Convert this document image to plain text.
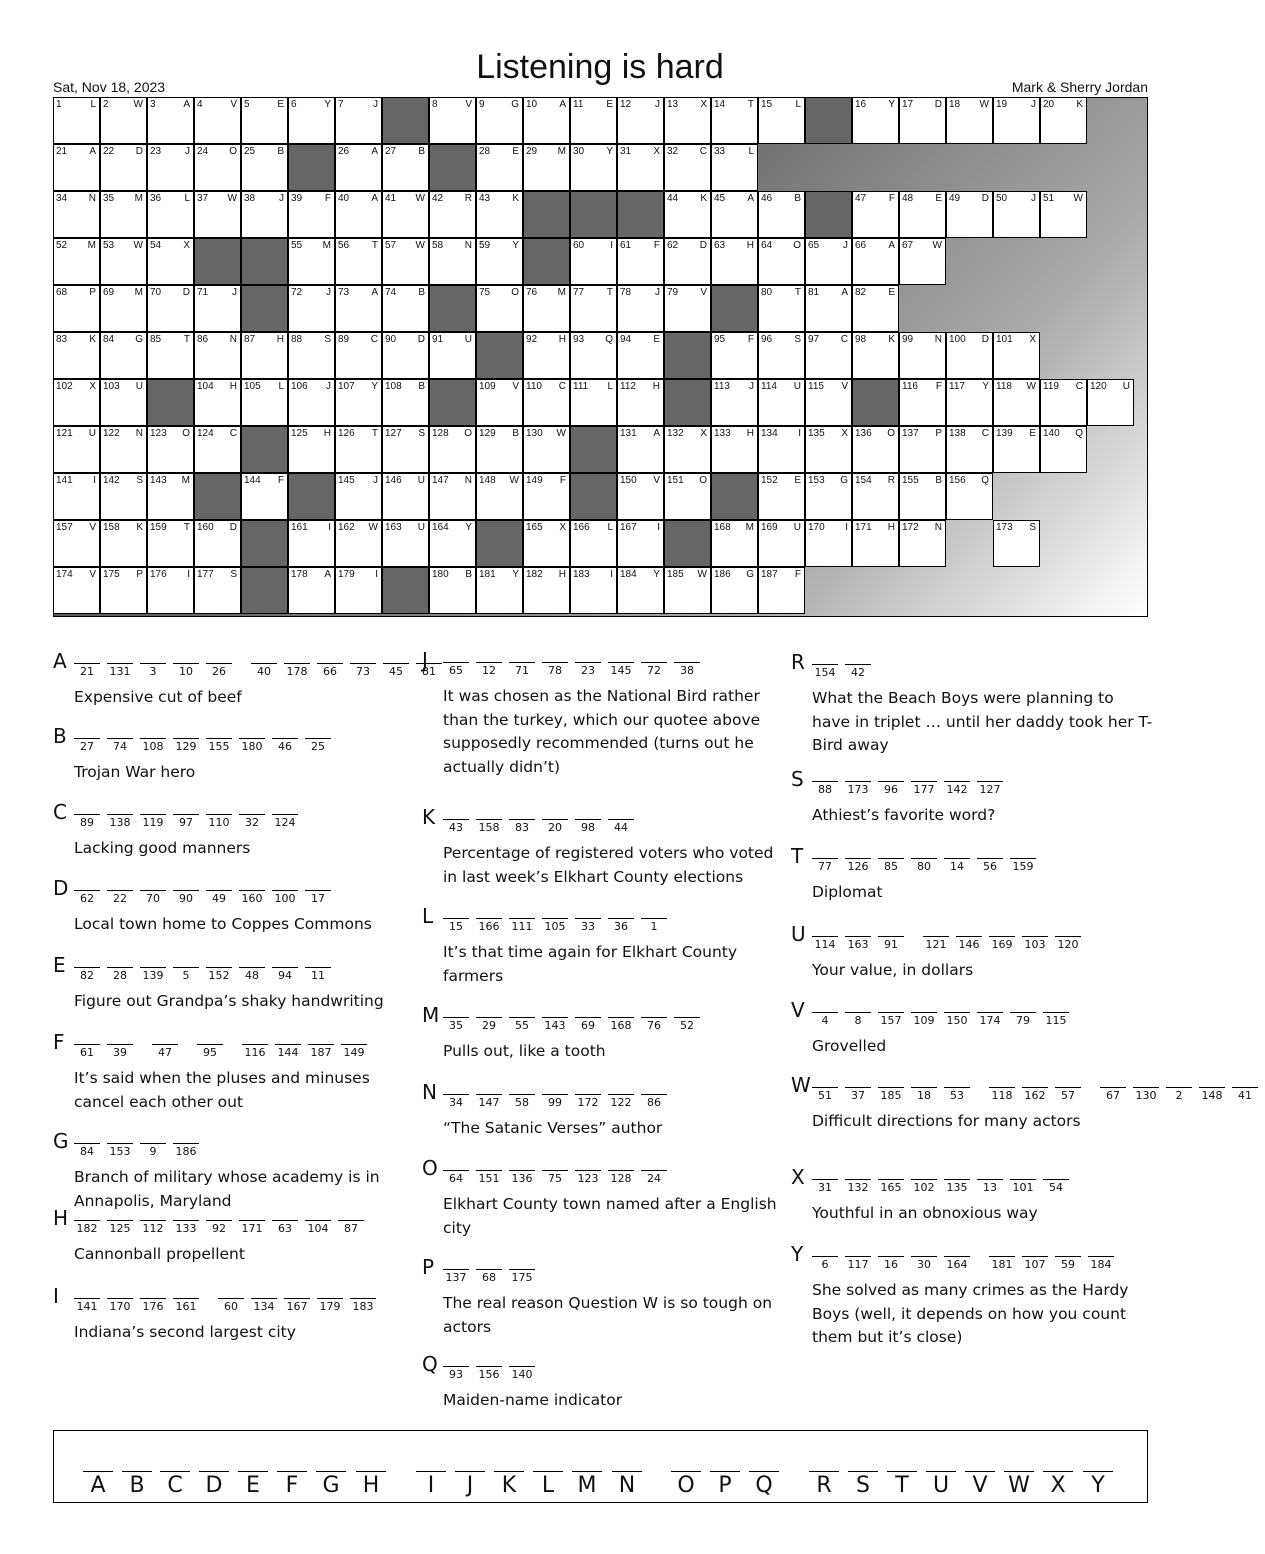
Listening is hard
Sat, Nov 18, 2023	Mark & Sherry Jordan
1	L 2 W 3	A 4	V 5	E 6	Y 7	J	8	V 9	G 10 A 11 E 12 J 13 X 14 T 15 L	16 Y 17 D 18 W 19 J 20 K
21 A 22 D 23 J 24 O 25 B	26 A 27 B	28 E 29 M 30 Y 31 X 32 C 33 L
34 N 35 M 36 L 37 W 38 J 39 F 40 A 41 W 42 R 43 K	44 K 45 A 46 B	47 F 48 E 49 D 50 J 51 W
52 M 53 W 54 X	55 M 56 T 57 W 58 N 59 Y	60	I 61 F 62 D 63 H 64 O 65 J 66 A 67 W
68 P 69 M 70 D 71 J	72 J 73 A 74 B	75 O 76 M 77 T 78 J 79 V	80 T 81 A 82 E
83 K 84 G 85 T 86 N 87 H 88 S 89 C 90 D 91 U	92 H 93 Q 94 E	95 F 96 S 97 C 98 K 99 N 100 D 101 X
102 X 103 U	104 H 105 L 106 J 107 Y 108 B	109 V 110 C 111 L 112 H	113 J 114 U 115 V	116 F 117 Y 118 W 119 C 120 U
121 U 122 N 123 O 124 C	125 H 126 T 127 S 128 O 129 B 130 W	131 A 132 X 133 H 134 I 135 X 136 O 137 P 138 C 139 E 140 Q
141 I 142 S 143 M	144 F	145 J 146 U 147 N 148 W 149 F	150 V 151 O	152 E 153 G 154 R 155 B 156 Q
157 V 158 K 159 T 160 D	161 I 162 W 163 U 164 Y	165 X 166 L 167 I	168 M 169 U 170 I 171 H 172 N	173 S
174 V 175 P 176 I 177 S	178 A 179 I	180 B 181 Y 182 H 183 I 184 Y 185 W 186 G 187 F
A	21 131 3 10 26	40 178 66 73 45 81
Expensive cut of beef
B	27 74 108 129 155 180 46 25
Trojan War hero
C	89 138 119 97 110 32 124
Lacking good manners
D	62 22 70 90 49 160 100 17
Local town home to Coppes Commons
E	82 28 139 5 152 48 94 11
Figure out Grandpa’s shaky handwriting
F	61 39	47	95	116 144 187 149
It’s said when the pluses and minuses cancel each other out
G	84 153 9 186
Branch of military whose academy is in Annapolis, Maryland
H 182 125 112 133 92 171 63 104 87
Cannonball propellent
I 141 170 176 161	60 134 167 179 183
Indiana’s second largest city
J	65 12 71 78 23 145 72 38
It was chosen as the National Bird rather than the turkey, which our quotee above supposedly recommended (turns out he actually didn’t)
K	43 158 83 20 98 44
Percentage of registered voters who voted in last week’s Elkhart County elections
L	15 166 111 105 33 36 1
It’s that time again for Elkhart County farmers
M 35 29 55 143 69 168 76 52
Pulls out, like a tooth
N	34 147 58 99 172 122 86
“The Satanic Verses” author
O	64 151 136 75 123 128 24
Elkhart County town named after a English city
P 137 68 175
The real reason Question W is so tough on actors
Q	93 156 140
Maiden-name indicator
R 154 42
What the Beach Boys were planning to have in triplet … until her daddy took her T-Bird away
S	88 173 96 177 142 127
Athiest’s favorite word?
T	77 126 85 80 14 56 159
Diplomat
U 114 163 91	121 146 169 103 120
Your value, in dollars
V	4 8 157 109 150 174 79 115
Grovelled
W 51 37 185 18 53	118 162 57	67 130 2 148 41
Difficult directions for many actors
X	31 132 165 102 135 13 101 54
Youthful in an obnoxious way
Y	6 117 16 30 164 181 107 59 184
She solved as many crimes as the Hardy Boys (well, it depends on how you count them but it’s close)
A	B	C	D	E	F	G	H	I	J	K	L	M	N	O	P	Q	R	S	T	U	V W X	Y
